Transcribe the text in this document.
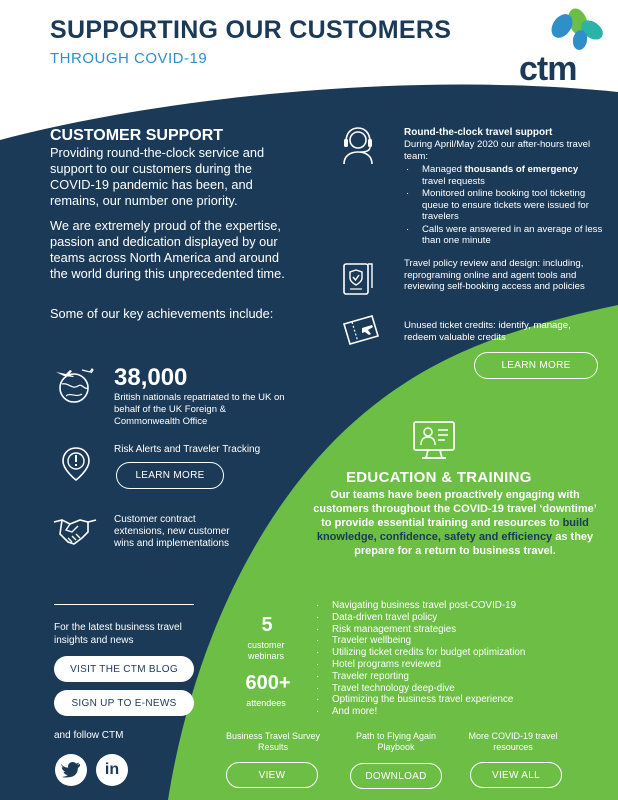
SUPPORTING OUR CUSTOMERS
THROUGH COVID-19	ctm
CUSTOMER SUPPORT
Providing round-the-clock service and support to our customers during the COVID-19 pandemic has been, and remains, our number one priority.
We are extremely proud of the expertise, passion and dedication displayed by our teams across North America and around the world during this unprecedented time.
Some of our key achievements include:
38,000
British nationals repatriated to the UK on behalf of the UK Foreign & Commonwealth Office
Risk Alerts and Traveler Tracking
LEARN MORE
Customer contract extensions, new customer wins and implementations
For the latest business travel insights and news
VISIT THE CTM BLOG
SIGN UP TO E-NEWS
and follow CTM
in
Round-the-clock travel support
During April/May 2020 our after-hours travel team:
· Managed thousands of emergency travel requests
· Monitored online booking tool ticketing queue to ensure tickets were issued for travelers
· Calls were answered in an average of less than one minute
Travel policy review and design: including, reprograming online and agent tools and reviewing self-booking access and policies
Unused ticket credits: identify, manage, redeem valuable credits
LEARN MORE
EDUCATION & TRAINING
Our teams have been proactively engaging with customers throughout the COVID-19 travel ‘downtime’ to provide essential training and resources to build knowledge, confidence, safety and efficiency as they prepare for a return to business travel.
5
customer webinars
600+
attendees
· Navigating business travel post-COVID-19
· Data-driven travel policy
· Risk management strategies
· Traveler wellbeing
· Utilizing ticket credits for budget optimization
· Hotel programs reviewed
· Traveler reporting
· Travel technology deep-dive
· Optimizing the business travel experience
· And more!
Business Travel Survey Results
Path to Flying Again Playbook
More COVID-19 travel resources
VIEW	DOWNLOAD	VIEW ALL
